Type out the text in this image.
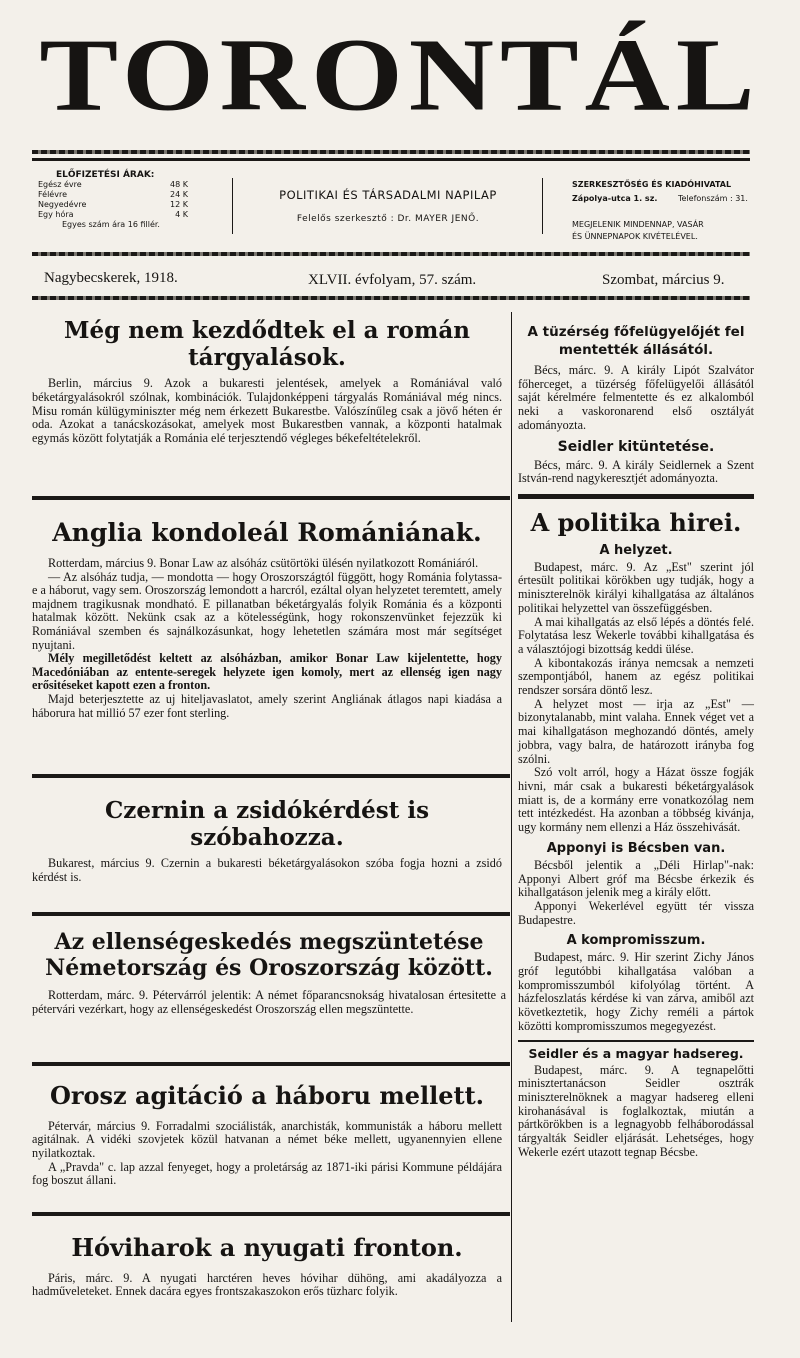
TORONTÁL
ELŐFIZETÉSI ÁRAK:
Egész évre	48 K
Félévre	24 K
Negyedévre	12 K
Egy hóra	4 K
Egyes szám ára 16 fillér.
POLITIKAI ÉS TÁRSADALMI NAPILAP
Felelős szerkesztő : Dr. MAYER JENŐ.
SZERKESZTŐSÉG ÉS KIADÓHIVATAL
Zápolya-utca 1. sz.	Telefonszám : 31.
MEGJELENIK MINDENNAP, VASÁR
ÉS ÜNNEPNAPOK KIVÉTELÉVEL.
Nagybecskerek, 1918.	XLVII. évfolyam, 57. szám.	Szombat, március 9.
Még nem kezdődtek el a román
tárgyalások.

Berlin, március 9. Azok a bukaresti jelentések, amelyek a Romániával való béketárgyalásokról szólnak, kombinációk. Tulajdonképpeni tárgyalás Romániával még nincs. Misu román külügyminiszter még nem érkezett Bukarestbe. Valószínűleg csak a jövő héten ér oda. Azokat a tanácskozásokat, amelyek most Bukarestben vannak, a központi hatalmak egymás között folytatják a Románia elé terjesztendő végleges békefeltételekről.

Anglia kondoleál Romániának.

Rotterdam, március 9. Bonar Law az alsóház csütörtöki ülésén nyilatkozott Romániáról.

— Az alsóház tudja, — mondotta — hogy Oroszországtól függött, hogy Románia folytassa-e a háborut, vagy sem. Oroszország lemondott a harcról, ezáltal olyan helyzetet teremtett, amely majdnem tragikusnak mondható. E pillanatban béketárgyalás folyik Románia és a központi hatalmak között. Nekünk csak az a kötelességünk, hogy rokonszenvünket fejezzük ki Romániával szemben és sajnálkozásunkat, hogy lehetetlen számára most már segítséget nyujtani.

Mély megilletődést keltett az alsóházban, amikor Bonar Law kijelentette, hogy Macedóniában az entente-seregek helyzete igen komoly, mert az ellenség igen nagy erősitéseket kapott ezen a fronton.

Majd beterjesztette az uj hiteljavaslatot, amely szerint Angliának átlagos napi kiadása a háborura hat millió 57 ezer font sterling.

Czernin a zsidókérdést is
szóbahozza.

Bukarest, március 9. Czernin a bukaresti béketárgyalásokon szóba fogja hozni a zsidó kérdést is.

Az ellenségeskedés megszüntetése
Németország és Oroszország között.

Rotterdam, márc. 9. Pétervárról jelentik: A német főparancsnokság hivatalosan értesitette a pétervári vezérkart, hogy az ellenségeskedést Oroszország ellen megszüntette.

Orosz agitáció a háboru mellett.

Pétervár, március 9. Forradalmi szociálisták, anarchisták, kommunisták a háboru mellett agitálnak. A vidéki szovjetek közül hatvanan a német béke mellett, ugyanennyien ellene nyilatkoztak.

A „Pravda" c. lap azzal fenyeget, hogy a proletárság az 1871-iki párisi Kommune példájára fog boszut állani.

Hóviharok a nyugati fronton.

Páris, márc. 9. A nyugati harctéren heves hóvihar dühöng, ami akadályozza a hadműveleteket. Ennek dacára egyes frontszakaszokon erős tüzharc folyik.

A tüzérség főfelügyelőjét fel
mentették állásától.

Bécs, márc. 9. A király Lipót Szalvátor főherceget, a tüzérség főfelügyelői állásától saját kérelmére felmentette és ez alkalomból neki a vaskoronarend első osztályát adományozta.

Seidler kitüntetése.

Bécs, márc. 9. A király Seidlernek a Szent István-rend nagykeresztjét adományozta.

A politika hirei.
A helyzet.

Budapest, márc. 9. Az „Est" szerint jól értesült politikai körökben ugy tudják, hogy a miniszterelnök királyi kihallgatása az általános politikai helyzettel van összefüggésben.

A mai kihallgatás az első lépés a döntés felé. Folytatása lesz Wekerle további kihallgatása és a választójogi bizottság keddi ülése.

A kibontakozás iránya nemcsak a nemzeti szempontjából, hanem az egész politikai rendszer sorsára döntő lesz.

A helyzet most — irja az „Est" — bizonytalanabb, mint valaha. Ennek véget vet a mai kihallgatáson meghozandó döntés, amely jobbra, vagy balra, de határozott irányba fog szólni.

Szó volt arról, hogy a Házat össze fogják hivni, már csak a bukaresti béketárgyalások miatt is, de a kormány erre vonatkozólag nem tett intézkedést. Ha azonban a többség kivánja, ugy kormány nem ellenzi a Ház összehivását.

Apponyi is Bécsben van.

Bécsből jelentik a „Déli Hirlap"-nak: Apponyi Albert gróf ma Bécsbe érkezik és kihallgatáson jelenik meg a király előtt.

Apponyi Wekerlével együtt tér vissza Budapestre.

A kompromisszum.

Budapest, márc. 9. Hir szerint Zichy János gróf legutóbbi kihallgatása valóban a kompromisszumból kifolyólag történt. A házfeloszlatás kérdése ki van zárva, amiből azt következtetik, hogy Zichy reméli a pártok közötti kompromisszumos megegyezést.

Seidler és a magyar hadsereg.

Budapest, márc. 9. A tegnapelőtti minisztertanácson Seidler osztrák miniszterelnöknek a magyar hadsereg elleni kirohanásával is foglalkoztak, miután a pártkörökben is a legnagyobb felháborodással tárgyalták Seidler eljárását. Lehetséges, hogy Wekerle ezért utazott tegnap Bécsbe.
